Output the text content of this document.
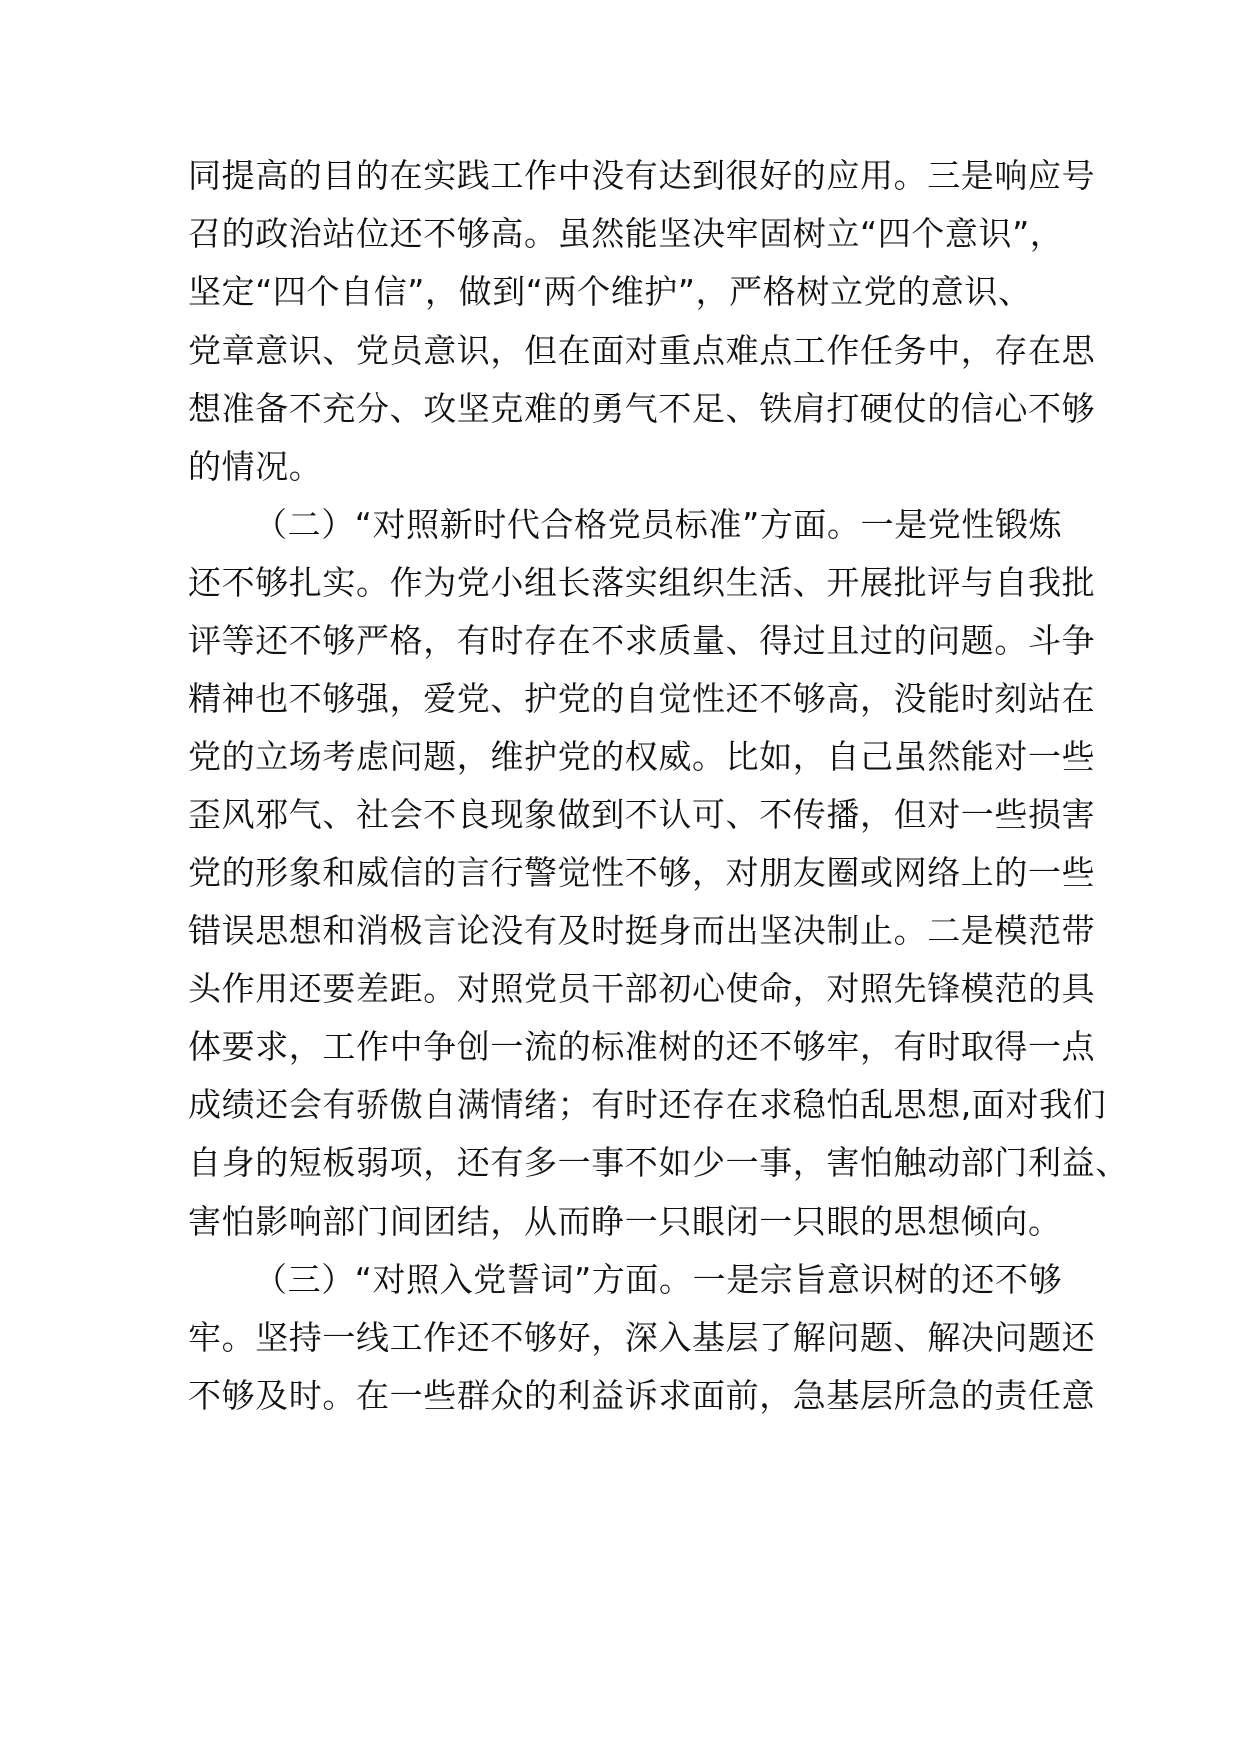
同提高的目的在实践工作中没有达到很好的应用。三是响应号
召的政治站位还不够高。虽然能坚决牢固树立“四个意识”，
坚定“四个自信”，做到“两个维护”，严格树立党的意识、
党章意识、党员意识，但在面对重点难点工作任务中，存在思
想准备不充分、攻坚克难的勇气不足、铁肩打硬仗的信心不够
的情况。
（二）“对照新时代合格党员标准”方面。一是党性锻炼
还不够扎实。作为党小组长落实组织生活、开展批评与自我批
评等还不够严格，有时存在不求质量、得过且过的问题。斗争
精神也不够强，爱党、护党的自觉性还不够高，没能时刻站在
党的立场考虑问题，维护党的权威。比如，自己虽然能对一些
歪风邪气、社会不良现象做到不认可、不传播，但对一些损害
党的形象和威信的言行警觉性不够，对朋友圈或网络上的一些
错误思想和消极言论没有及时挺身而出坚决制止。二是模范带
头作用还要差距。对照党员干部初心使命，对照先锋模范的具
体要求，工作中争创一流的标准树的还不够牢，有时取得一点
成绩还会有骄傲自满情绪；有时还存在求稳怕乱思想,面对我们
自身的短板弱项，还有多一事不如少一事，害怕触动部门利益、
害怕影响部门间团结，从而睁一只眼闭一只眼的思想倾向。
（三）“对照入党誓词”方面。一是宗旨意识树的还不够
牢。坚持一线工作还不够好，深入基层了解问题、解决问题还
不够及时。在一些群众的利益诉求面前，急基层所急的责任意
